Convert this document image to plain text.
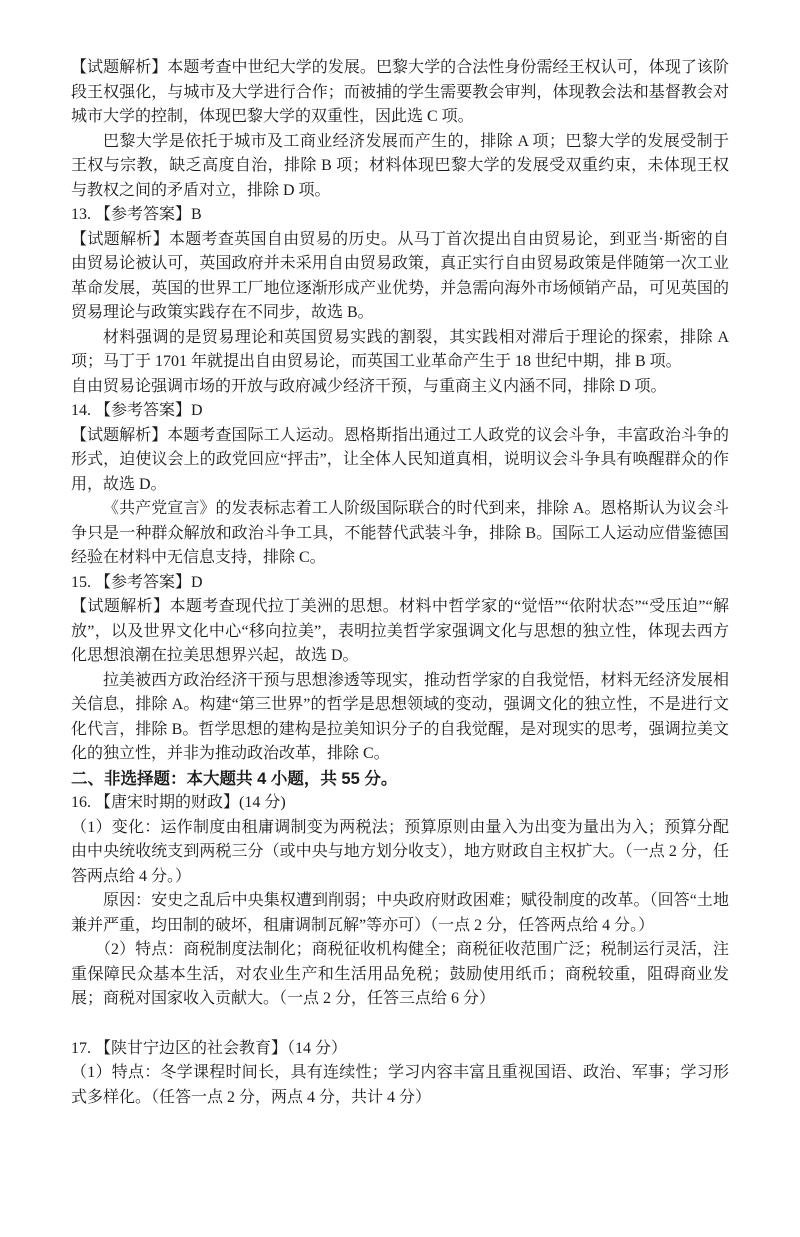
【试题解析】本题考查中世纪大学的发展。巴黎大学的合法性身份需经王权认可，体现了该阶段王权强化，与城市及大学进行合作；而被捕的学生需要教会审判，体现教会法和基督教会对城市大学的控制，体现巴黎大学的双重性，因此选 C 项。

巴黎大学是依托于城市及工商业经济发展而产生的，排除 A 项；巴黎大学的发展受制于王权与宗教，缺乏高度自治，排除 B 项；材料体现巴黎大学的发展受双重约束，未体现王权与教权之间的矛盾对立，排除 D 项。

13. 【参考答案】B

【试题解析】本题考查英国自由贸易的历史。从马丁首次提出自由贸易论，到亚当·斯密的自由贸易论被认可，英国政府并未采用自由贸易政策，真正实行自由贸易政策是伴随第一次工业革命发展，英国的世界工厂地位逐渐形成产业优势，并急需向海外市场倾销产品，可见英国的贸易理论与政策实践存在不同步，故选 B。

材料强调的是贸易理论和英国贸易实践的割裂，其实践相对滞后于理论的探索，排除 A 项；马丁于 1701 年就提出自由贸易论，而英国工业革命产生于 18 世纪中期，排 B 项。

自由贸易论强调市场的开放与政府减少经济干预，与重商主义内涵不同，排除 D 项。

14. 【参考答案】D

【试题解析】本题考查国际工人运动。恩格斯指出通过工人政党的议会斗争，丰富政治斗争的形式，迫使议会上的政党回应“抨击”，让全体人民知道真相，说明议会斗争具有唤醒群众的作用，故选 D。

《共产党宣言》的发表标志着工人阶级国际联合的时代到来，排除 A。恩格斯认为议会斗争只是一种群众解放和政治斗争工具，不能替代武装斗争，排除 B。国际工人运动应借鉴德国经验在材料中无信息支持，排除 C。

15. 【参考答案】D

【试题解析】本题考查现代拉丁美洲的思想。材料中哲学家的“觉悟”“依附状态”“受压迫”“解放”，以及世界文化中心“移向拉美”，表明拉美哲学家强调文化与思想的独立性，体现去西方化思想浪潮在拉美思想界兴起，故选 D。

拉美被西方政治经济干预与思想渗透等现实，推动哲学家的自我觉悟，材料无经济发展相关信息，排除 A。构建“第三世界”的哲学是思想领域的变动，强调文化的独立性，不是进行文化代言，排除 B。哲学思想的建构是拉美知识分子的自我觉醒，是对现实的思考，强调拉美文化的独立性，并非为推动政治改革，排除 C。

二、非选择题：本大题共 4 小题，共 55 分。

16. 【唐宋时期的财政】(14 分)

（1）变化：运作制度由租庸调制变为两税法；预算原则由量入为出变为量出为入；预算分配由中央统收统支到两税三分（或中央与地方划分收支），地方财政自主权扩大。（一点 2 分，任答两点给 4 分。）

原因：安史之乱后中央集权遭到削弱；中央政府财政困难；赋役制度的改革。（回答“土地兼并严重，均田制的破坏，租庸调制瓦解”等亦可）（一点 2 分，任答两点给 4 分。）

（2）特点：商税制度法制化；商税征收机构健全；商税征收范围广泛；税制运行灵活，注重保障民众基本生活，对农业生产和生活用品免税；鼓励使用纸币；商税较重，阻碍商业发展；商税对国家收入贡献大。（一点 2 分，任答三点给 6 分）

17. 【陕甘宁边区的社会教育】（14 分）

（1）特点：冬学课程时间长，具有连续性；学习内容丰富且重视国语、政治、军事；学习形式多样化。（任答一点 2 分，两点 4 分，共计 4 分）
